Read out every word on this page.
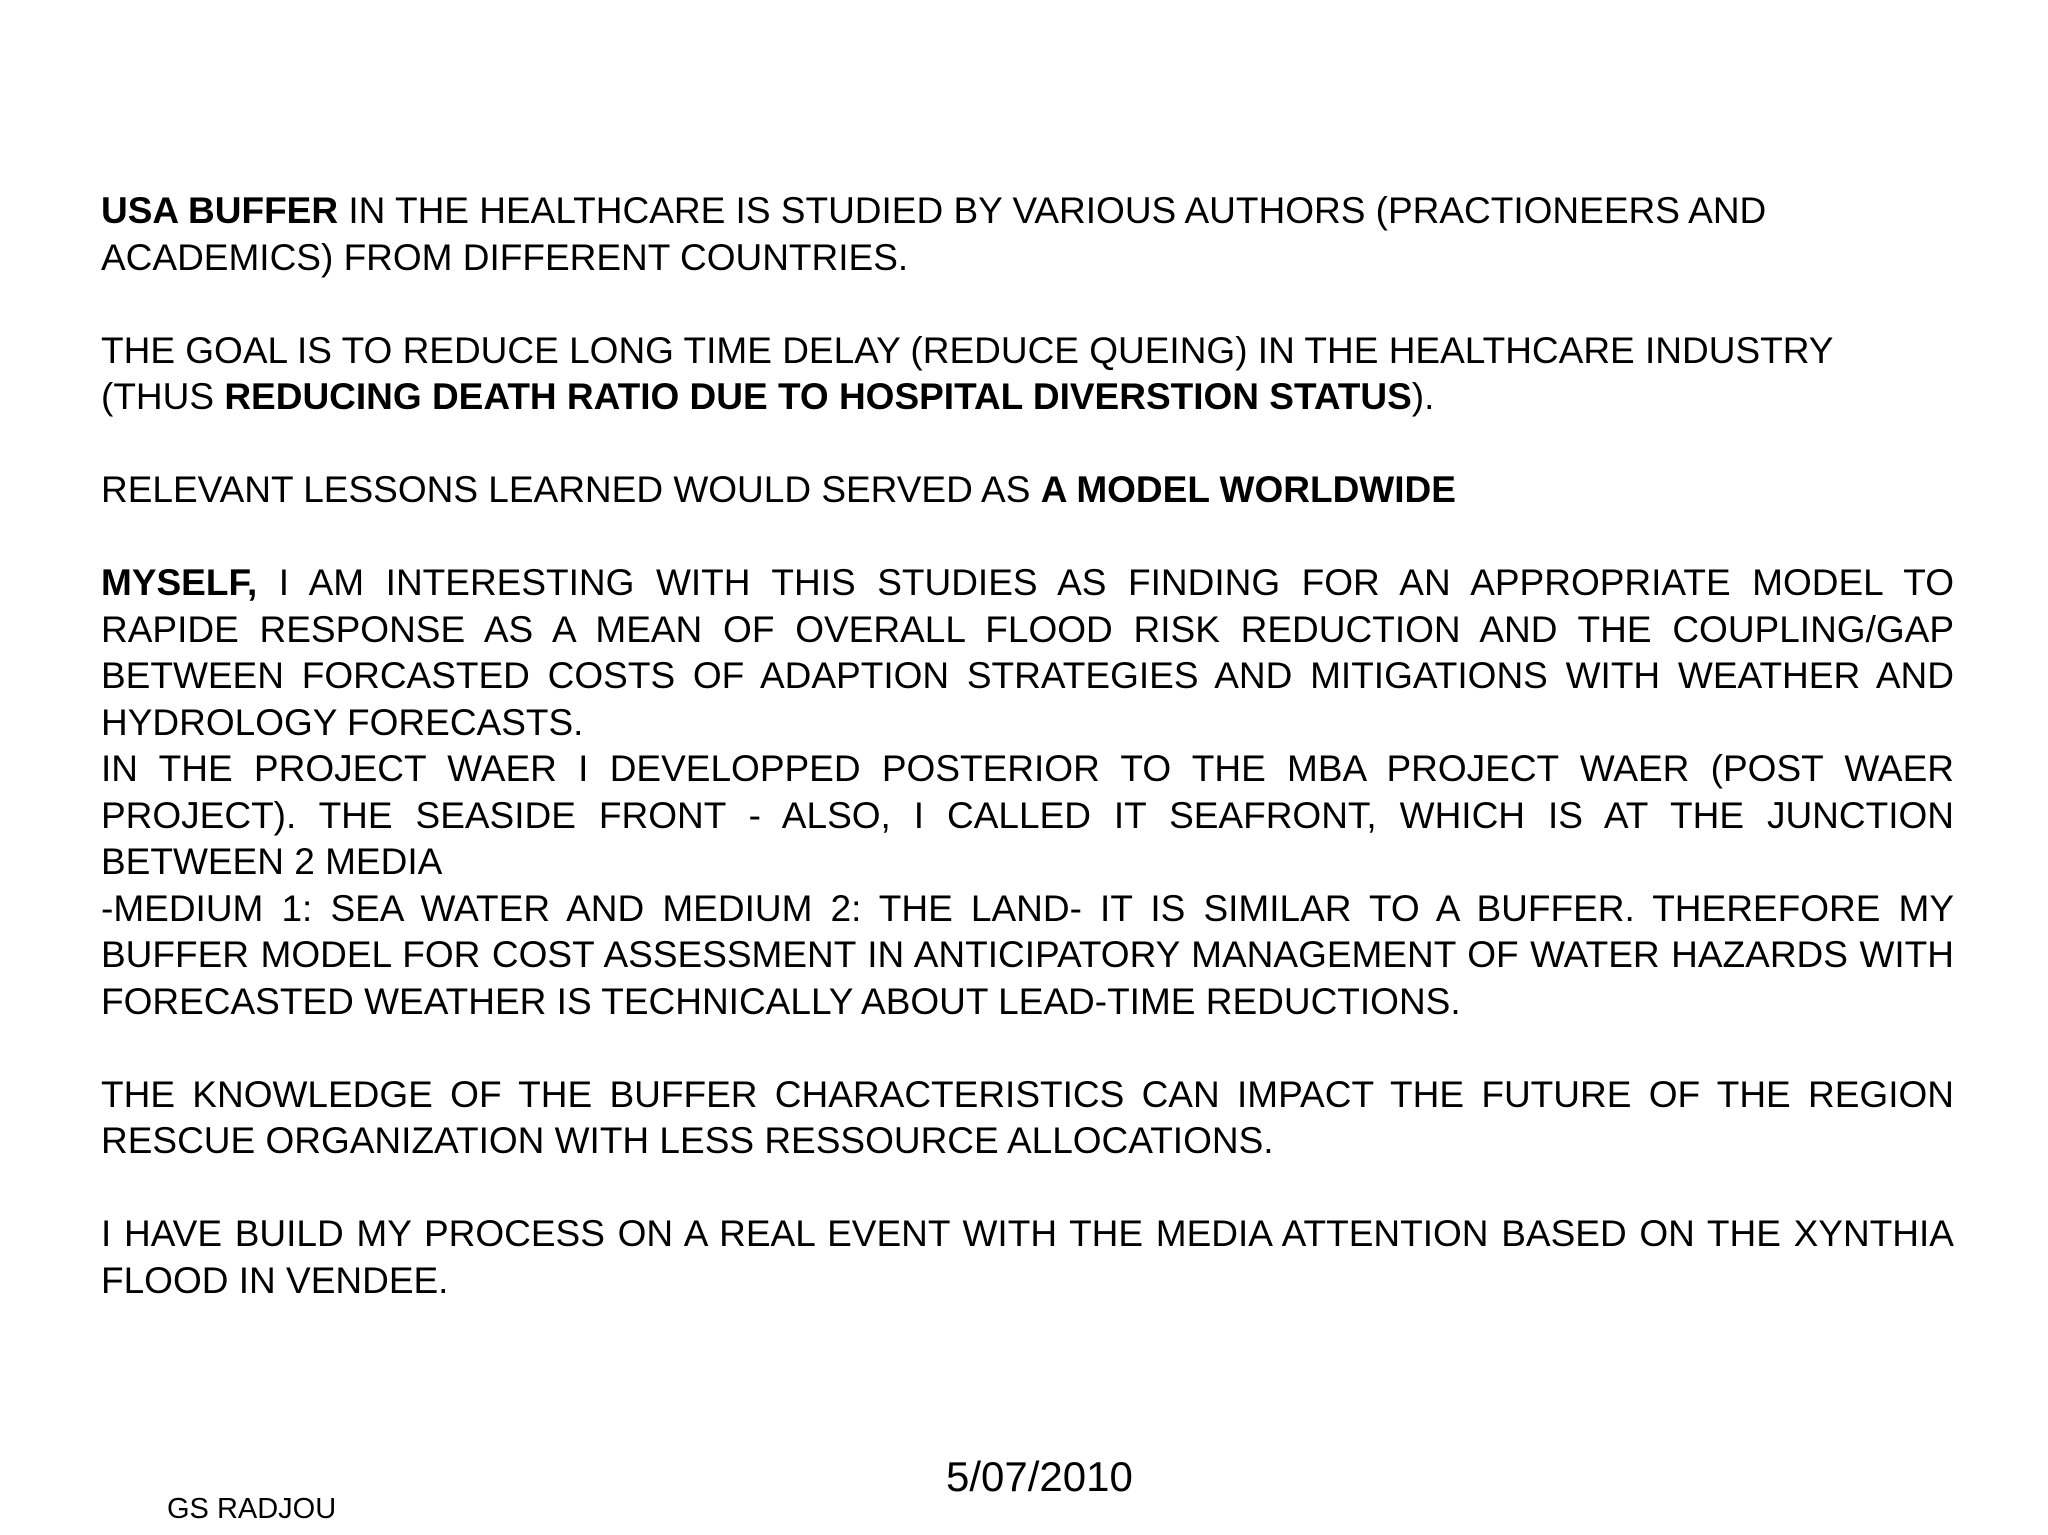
USA BUFFER IN THE HEALTHCARE IS STUDIED BY VARIOUS AUTHORS (PRACTIONEERS AND ACADEMICS) FROM DIFFERENT COUNTRIES.

THE GOAL IS TO REDUCE LONG TIME DELAY (REDUCE QUEING) IN THE HEALTHCARE INDUSTRY (THUS REDUCING DEATH RATIO DUE TO HOSPITAL DIVERSTION STATUS).

RELEVANT LESSONS LEARNED WOULD SERVED AS A MODEL WORLDWIDE

MYSELF, I AM INTERESTING WITH THIS STUDIES AS FINDING FOR AN APPROPRIATE MODEL TO RAPIDE RESPONSE AS A MEAN OF OVERALL FLOOD RISK REDUCTION AND THE COUPLING/GAP BETWEEN FORCASTED COSTS OF ADAPTION STRATEGIES AND MITIGATIONS WITH WEATHER AND HYDROLOGY FORECASTS.

IN THE PROJECT WAER I DEVELOPPED POSTERIOR TO THE MBA PROJECT WAER (POST WAER PROJECT). THE SEASIDE FRONT - ALSO, I CALLED IT SEAFRONT, WHICH IS AT THE JUNCTION BETWEEN 2 MEDIA

-MEDIUM 1: SEA WATER AND MEDIUM 2: THE LAND- IT IS SIMILAR TO A BUFFER. THEREFORE MY BUFFER MODEL FOR COST ASSESSMENT IN ANTICIPATORY MANAGEMENT OF WATER HAZARDS WITH FORECASTED WEATHER IS TECHNICALLY ABOUT LEAD-TIME REDUCTIONS.

THE KNOWLEDGE OF THE BUFFER CHARACTERISTICS CAN IMPACT THE FUTURE OF THE REGION RESCUE ORGANIZATION WITH LESS RESSOURCE ALLOCATIONS.

I HAVE BUILD MY PROCESS ON A REAL EVENT WITH THE MEDIA ATTENTION BASED ON THE XYNTHIA FLOOD IN VENDEE.

5/07/2010
GS RADJOU
